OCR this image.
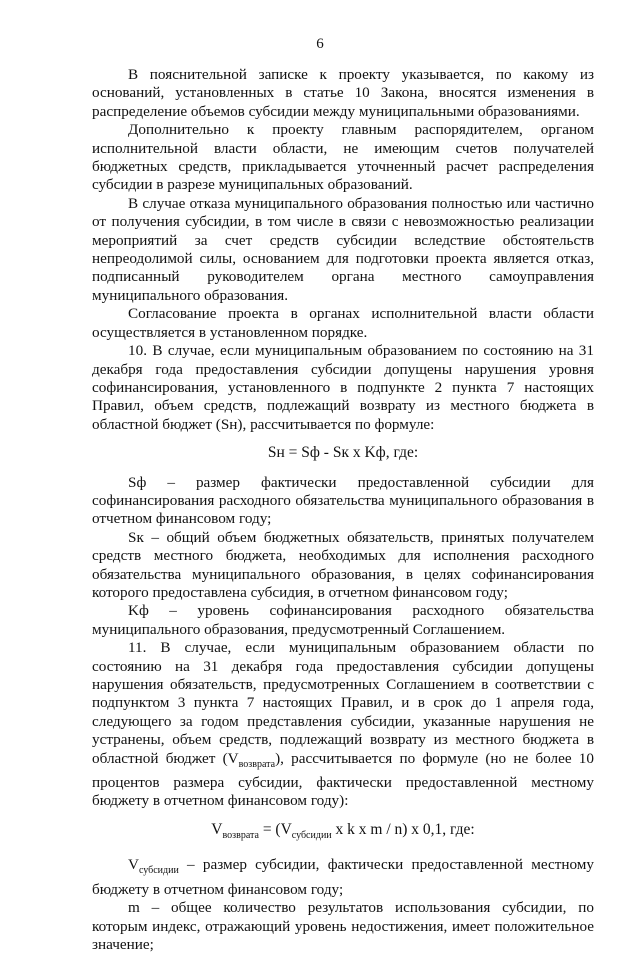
6

В пояснительной записке к проекту указывается, по какому из оснований, установленных в статье 10 Закона, вносятся изменения в распределение объемов субсидии между муниципальными образованиями.

Дополнительно к проекту главным распорядителем, органом исполнительной власти области, не имеющим счетов получателей бюджетных средств, прикладывается уточненный расчет распределения субсидии в разрезе муниципальных образований.

В случае отказа муниципального образования полностью или частично от получения субсидии, в том числе в связи с невозможностью реализации мероприятий за счет средств субсидии вследствие обстоятельств непреодолимой силы, основанием для подготовки проекта является отказ, подписанный руководителем органа местного самоуправления муниципального образования.

Согласование проекта в органах исполнительной власти области осуществляется в установленном порядке.

10. В случае, если муниципальным образованием по состоянию на 31 декабря года предоставления субсидии допущены нарушения уровня софинансирования, установленного в подпункте 2 пункта 7 настоящих Правил, объем средств, подлежащий возврату из местного бюджета в областной бюджет (Sн), рассчитывается по формуле:

Sн = Sф - Sк x Kф, где:

Sф – размер фактически предоставленной субсидии для софинансирования расходного обязательства муниципального образования в отчетном финансовом году;

Sк – общий объем бюджетных обязательств, принятых получателем средств местного бюджета, необходимых для исполнения расходного обязательства муниципального образования, в целях софинансирования которого предоставлена субсидия, в отчетном финансовом году;

Kф – уровень софинансирования расходного обязательства муниципального образования, предусмотренный Соглашением.

11. В случае, если муниципальным образованием области по состоянию на 31 декабря года предоставления субсидии допущены нарушения обязательств, предусмотренных Соглашением в соответствии с подпунктом 3 пункта 7 настоящих Правил, и в срок до 1 апреля года, следующего за годом представления субсидии, указанные нарушения не устранены, объем средств, подлежащий возврату из местного бюджета в областной бюджет $(V_{возврата})$, рассчитывается по формуле (но не более 10 процентов размера субсидии, фактически предоставленной местному бюджету в отчетном финансовом году):

$V_{возврата} = (V_{субсидии}$ x k x m / n) x 0,1, где:

$V_{субсидии}$ – размер субсидии, фактически предоставленной местному бюджету в отчетном финансовом году;

m – общее количество результатов использования субсидии, по которым индекс, отражающий уровень недостижения, имеет положительное значение;
